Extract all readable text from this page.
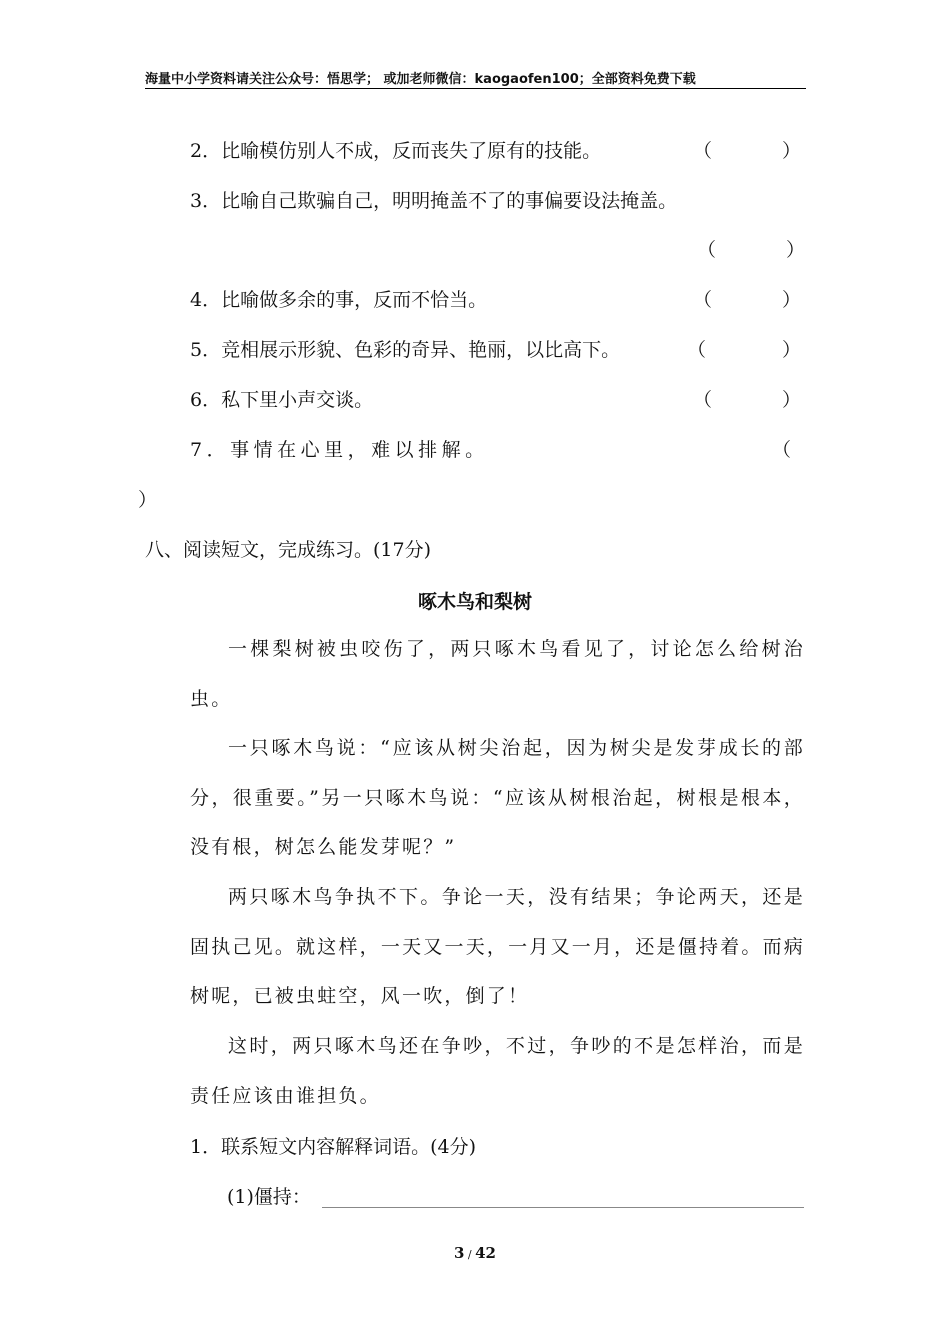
海量中小学资料请关注公众号：悟思学； 或加老师微信：kaogaofen100；全部资料免费下载
2．比喻模仿别人不成，反而丧失了原有的技能。	（	）
3．比喻自己欺骗自己，明明掩盖不了的事偏要设法掩盖。
（	）
4．比喻做多余的事，反而不恰当。	（	）
5．竞相展示形貌、色彩的奇异、艳丽，以比高下。	（	）
6．私下里小声交谈。	（	）
7．事情在心里，难以排解。	（
）
八、阅读短文，完成练习。(17分)
啄木鸟和梨树
一棵梨树被虫咬伤了，两只啄木鸟看见了，讨论怎么给树治虫。
一只啄木鸟说：“应该从树尖治起，因为树尖是发芽成长的部分，很重要。”另一只啄木鸟说：“应该从树根治起，树根是根本，没有根，树怎么能发芽呢？”
两只啄木鸟争执不下。争论一天，没有结果；争论两天，还是固执己见。就这样，一天又一天，一月又一月，还是僵持着。而病树呢，已被虫蛀空，风一吹，倒了！
这时，两只啄木鸟还在争吵，不过，争吵的不是怎样治，而是责任应该由谁担负。
1．联系短文内容解释词语。(4分)
(1)僵持：
3 / 42
